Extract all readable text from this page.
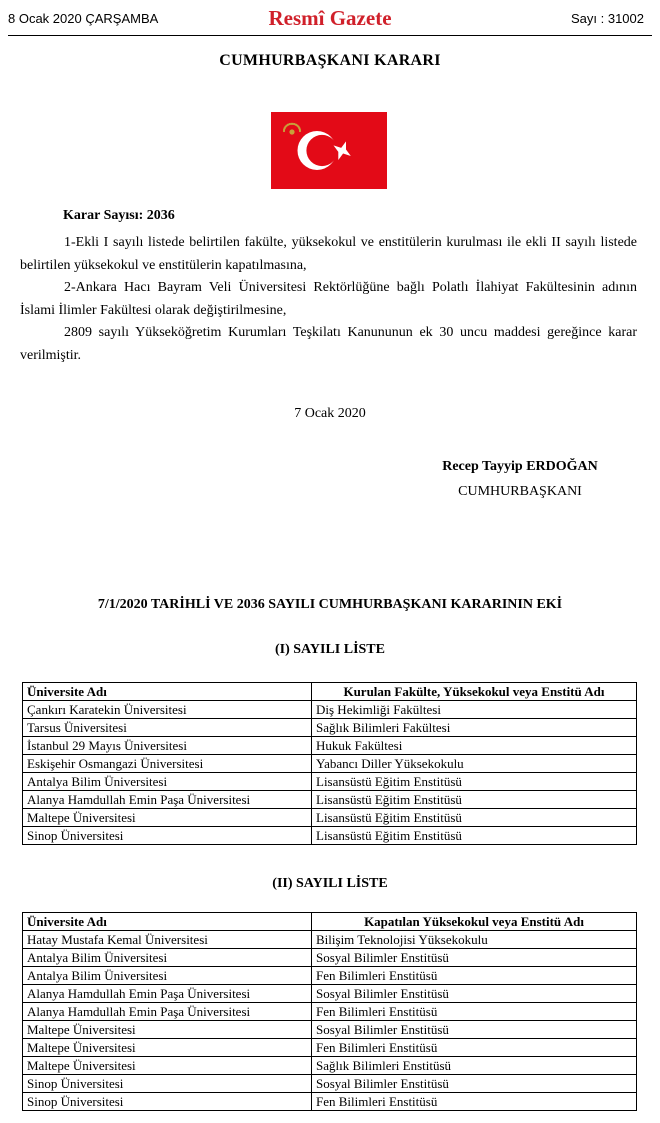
8 Ocak 2020 ÇARŞAMBA	Resmî Gazete	Sayı : 31002
CUMHURBAŞKANI KARARI
Karar Sayısı: 2036

1-Ekli I sayılı listede belirtilen fakülte, yüksekokul ve enstitülerin kurulması ile ekli II sayılı listede belirtilen yüksekokul ve enstitülerin kapatılmasına,

2-Ankara Hacı Bayram Veli Üniversitesi Rektörlüğüne bağlı Polatlı İlahiyat Fakültesinin adının İslami İlimler Fakültesi olarak değiştirilmesine,

2809 sayılı Yükseköğretim Kurumları Teşkilatı Kanununun ek 30 uncu maddesi gereğince karar verilmiştir.

7 Ocak 2020
Recep Tayyip ERDOĞAN
CUMHURBAŞKANI
7/1/2020 TARİHLİ VE 2036 SAYILI CUMHURBAŞKANI KARARININ EKİ
(I) SAYILI LİSTE
Üniversite Adı	Kurulan Fakülte, Yüksekokul veya Enstitü Adı
Çankırı Karatekin Üniversitesi	Diş Hekimliği Fakültesi
Tarsus Üniversitesi	Sağlık Bilimleri Fakültesi
İstanbul 29 Mayıs Üniversitesi	Hukuk Fakültesi
Eskişehir Osmangazi Üniversitesi	Yabancı Diller Yüksekokulu
Antalya Bilim Üniversitesi	Lisansüstü Eğitim Enstitüsü
Alanya Hamdullah Emin Paşa Üniversitesi	Lisansüstü Eğitim Enstitüsü
Maltepe Üniversitesi	Lisansüstü Eğitim Enstitüsü
Sinop Üniversitesi	Lisansüstü Eğitim Enstitüsü
(II) SAYILI LİSTE
Üniversite Adı	Kapatılan Yüksekokul veya Enstitü Adı
Hatay Mustafa Kemal Üniversitesi	Bilişim Teknolojisi Yüksekokulu
Antalya Bilim Üniversitesi	Sosyal Bilimler Enstitüsü
Antalya Bilim Üniversitesi	Fen Bilimleri Enstitüsü
Alanya Hamdullah Emin Paşa Üniversitesi	Sosyal Bilimler Enstitüsü
Alanya Hamdullah Emin Paşa Üniversitesi	Fen Bilimleri Enstitüsü
Maltepe Üniversitesi	Sosyal Bilimler Enstitüsü
Maltepe Üniversitesi	Fen Bilimleri Enstitüsü
Maltepe Üniversitesi	Sağlık Bilimleri Enstitüsü
Sinop Üniversitesi	Sosyal Bilimler Enstitüsü
Sinop Üniversitesi	Fen Bilimleri Enstitüsü
